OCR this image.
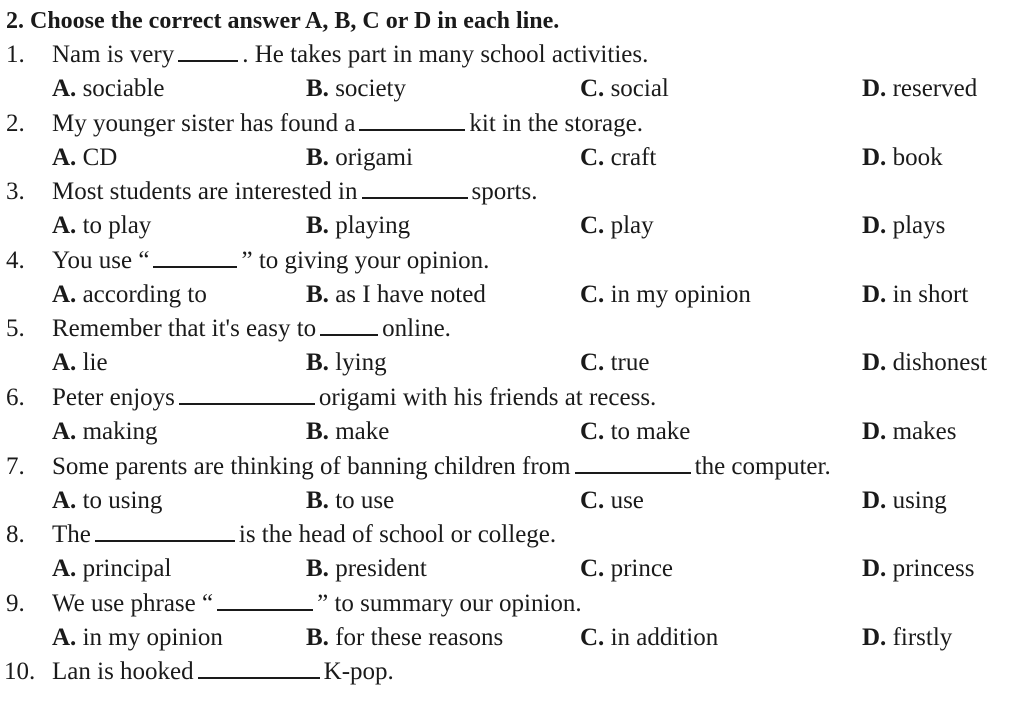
2. Choose the correct answer A, B, C or D in each line.
1. Nam is very	. He takes part in many school activities.
A. sociable	B. society	C. social	D. reserved
2. My younger sister has found a	kit in the storage.
A. CD	B. origami	C. craft	D. book
3. Most students are interested in	sports.
A. to play	B. playing	C. play	D. plays
4. You use “	” to giving your opinion.
A. according to	B. as I have noted	C. in my opinion	D. in short
5. Remember that it's easy to	online.
A. lie	B. lying	C. true	D. dishonest
6. Peter enjoys	origami with his friends at recess.
A. making	B. make	C. to make	D. makes
7. Some parents are thinking of banning children from	the computer.
A. to using	B. to use	C. use	D. using
8. The	is the head of school or college.
A. principal	B. president	C. prince	D. princess
9. We use phrase “	” to summary our opinion.
A. in my opinion	B. for these reasons	C. in addition	D. firstly
10. Lan is hooked	K-pop.
